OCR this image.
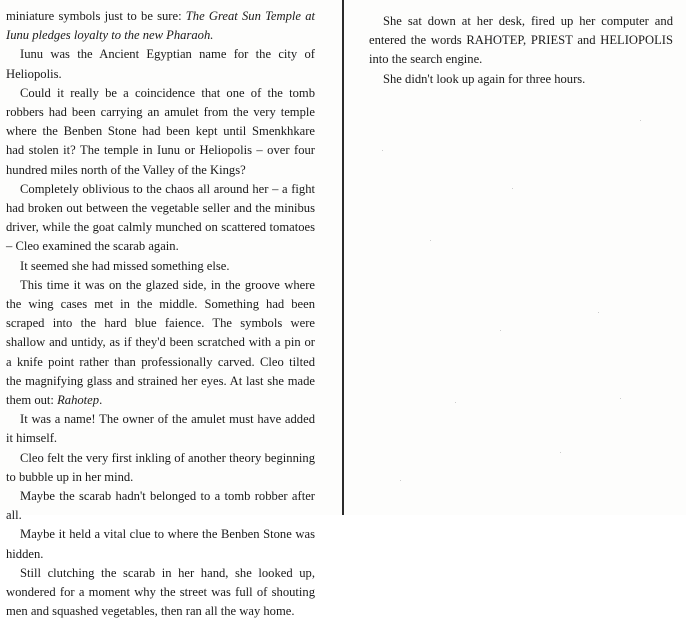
miniature symbols just to be sure: The Great Sun Temple at Iunu pledges loyalty to the new Pharaoh.

Iunu was the Ancient Egyptian name for the city of Heliopolis.

Could it really be a coincidence that one of the tomb robbers had been carrying an amulet from the very temple where the Benben Stone had been kept until Smenkhkare had stolen it? The temple in Iunu or Heliopolis – over four hundred miles north of the Valley of the Kings?

Completely oblivious to the chaos all around her – a fight had broken out between the vegetable seller and the minibus driver, while the goat calmly munched on scattered tomatoes – Cleo examined the scarab again.

It seemed she had missed something else.

This time it was on the glazed side, in the groove where the wing cases met in the middle. Something had been scraped into the hard blue faience. The symbols were shallow and untidy, as if they'd been scratched with a pin or a knife point rather than professionally carved. Cleo tilted the magnifying glass and strained her eyes. At last she made them out: Rahotep.

It was a name! The owner of the amulet must have added it himself.

Cleo felt the very first inkling of another theory beginning to bubble up in her mind.

Maybe the scarab hadn't belonged to a tomb robber after all.

Maybe it held a vital clue to where the Benben Stone was hidden.

Still clutching the scarab in her hand, she looked up, wondered for a moment why the street was full of shouting men and squashed vegetables, then ran all the way home.

She sat down at her desk, fired up her computer and entered the words RAHOTEP, PRIEST and HELIOPOLIS into the search engine.

She didn't look up again for three hours.
